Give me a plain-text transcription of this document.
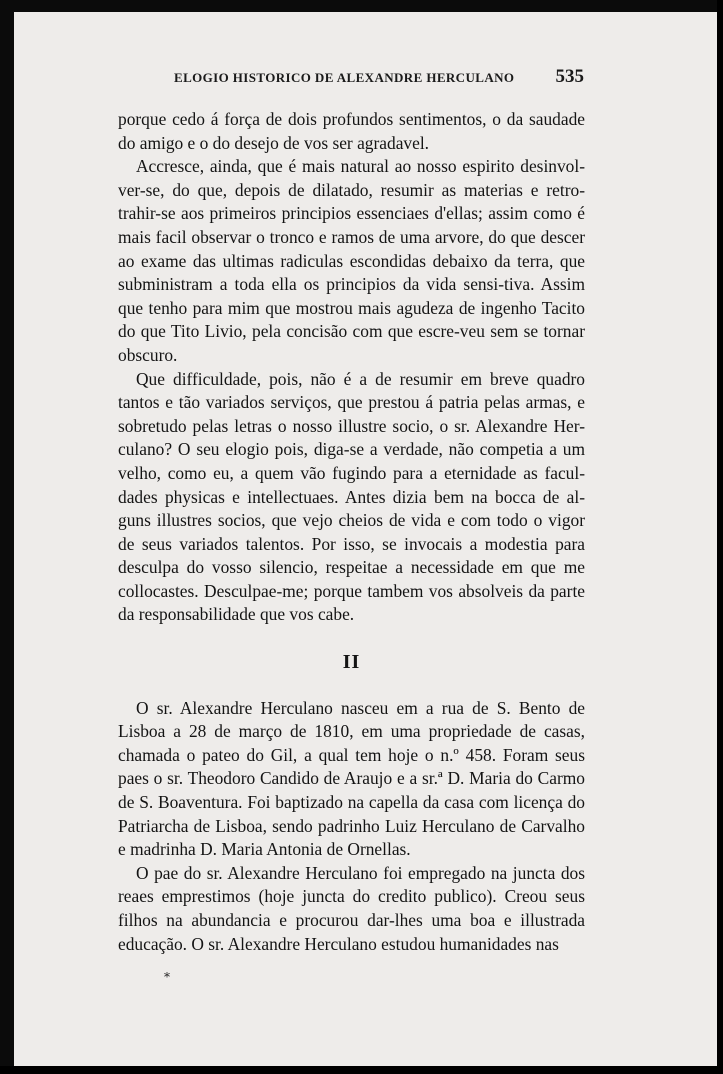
ELOGIO HISTORICO DE ALEXANDRE HERCULANO 535

porque cedo á força de dois profundos sentimentos, o da saudade do amigo e o do desejo de vos ser agradavel.

Accresce, ainda, que é mais natural ao nosso espirito desinvol-ver-se, do que, depois de dilatado, resumir as materias e retro-trahir-se aos primeiros principios essenciaes d'ellas; assim como é mais facil observar o tronco e ramos de uma arvore, do que descer ao exame das ultimas radiculas escondidas debaixo da terra, que subministram a toda ella os principios da vida sensi-tiva. Assim que tenho para mim que mostrou mais agudeza de ingenho Tacito do que Tito Livio, pela concisão com que escre-veu sem se tornar obscuro.

Que difficuldade, pois, não é a de resumir em breve quadro tantos e tão variados serviços, que prestou á patria pelas armas, e sobretudo pelas letras o nosso illustre socio, o sr. Alexandre Her-culano? O seu elogio pois, diga-se a verdade, não competia a um velho, como eu, a quem vão fugindo para a eternidade as facul-dades physicas e intellectuaes. Antes dizia bem na bocca de al-guns illustres socios, que vejo cheios de vida e com todo o vigor de seus variados talentos. Por isso, se invocais a modestia para desculpa do vosso silencio, respeitae a necessidade em que me collocastes. Desculpae-me; porque tambem vos absolveis da parte da responsabilidade que vos cabe.

II

O sr. Alexandre Herculano nasceu em a rua de S. Bento de Lisboa a 28 de março de 1810, em uma propriedade de casas, chamada o pateo do Gil, a qual tem hoje o n.º 458. Foram seus paes o sr. Theodoro Candido de Araujo e a sr.ª D. Maria do Carmo de S. Boaventura. Foi baptizado na capella da casa com licença do Patriarcha de Lisboa, sendo padrinho Luiz Herculano de Carvalho e madrinha D. Maria Antonia de Ornellas.

O pae do sr. Alexandre Herculano foi empregado na juncta dos reaes emprestimos (hoje juncta do credito publico). Creou seus filhos na abundancia e procurou dar-lhes uma boa e illustrada educação. O sr. Alexandre Herculano estudou humanidades nas

*
